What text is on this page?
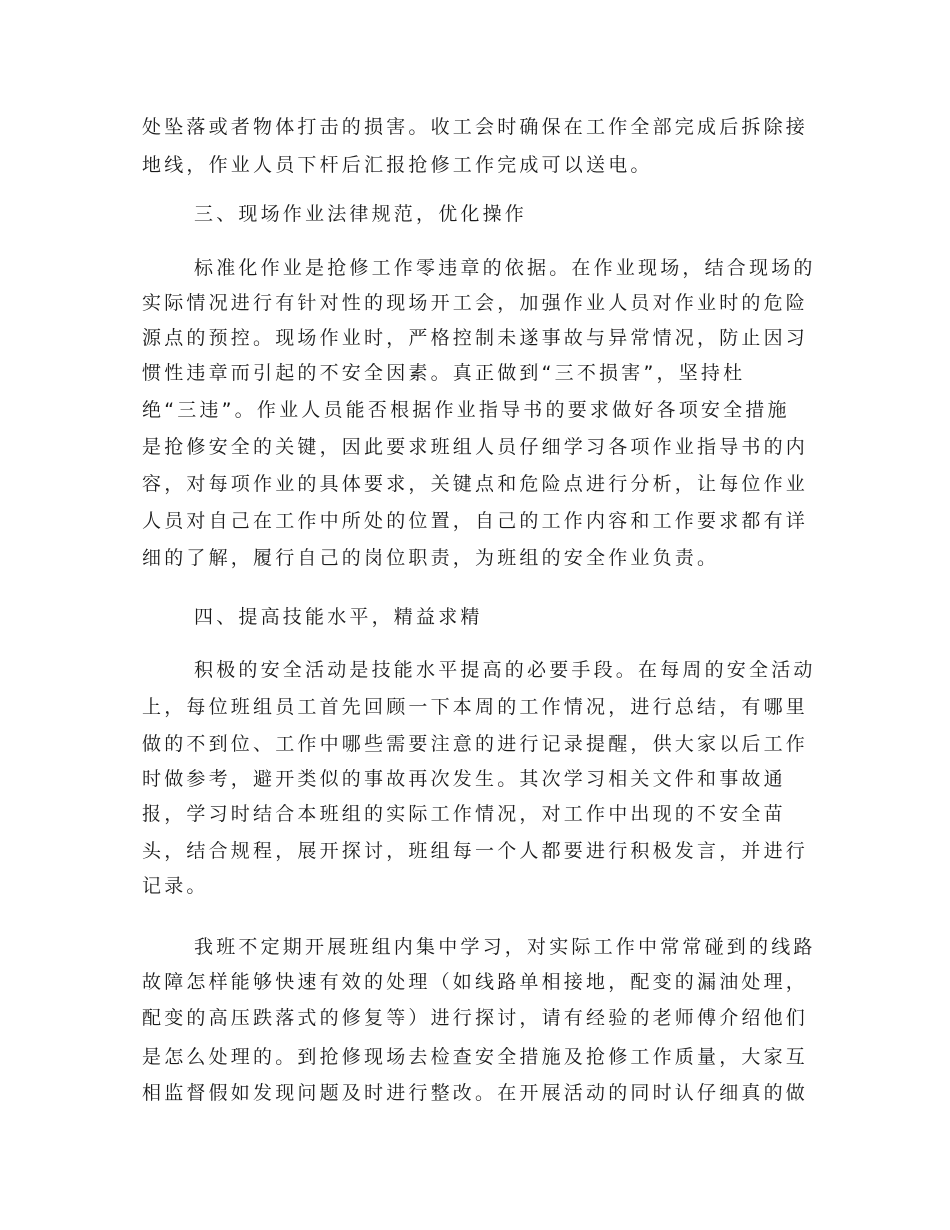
处坠落或者物体打击的损害。收工会时确保在工作全部完成后拆除接
地线，作业人员下杆后汇报抢修工作完成可以送电。
三、现场作业法律规范，优化操作
标准化作业是抢修工作零违章的依据。在作业现场，结合现场的
实际情况进行有针对性的现场开工会，加强作业人员对作业时的危险
源点的预控。现场作业时，严格控制未遂事故与异常情况，防止因习
惯性违章而引起的不安全因素。真正做到“三不损害”，坚持杜
绝“三违”。作业人员能否根据作业指导书的要求做好各项安全措施
是抢修安全的关键，因此要求班组人员仔细学习各项作业指导书的内
容，对每项作业的具体要求，关键点和危险点进行分析，让每位作业
人员对自己在工作中所处的位置，自己的工作内容和工作要求都有详
细的了解，履行自己的岗位职责，为班组的安全作业负责。
四、提高技能水平，精益求精
积极的安全活动是技能水平提高的必要手段。在每周的安全活动
上，每位班组员工首先回顾一下本周的工作情况，进行总结，有哪里
做的不到位、工作中哪些需要注意的进行记录提醒，供大家以后工作
时做参考，避开类似的事故再次发生。其次学习相关文件和事故通
报，学习时结合本班组的实际工作情况，对工作中出现的不安全苗
头，结合规程，展开探讨，班组每一个人都要进行积极发言，并进行
记录。
我班不定期开展班组内集中学习，对实际工作中常常碰到的线路
故障怎样能够快速有效的处理（如线路单相接地，配变的漏油处理，
配变的高压跌落式的修复等）进行探讨，请有经验的老师傅介绍他们
是怎么处理的。到抢修现场去检查安全措施及抢修工作质量，大家互
相监督假如发现问题及时进行整改。在开展活动的同时认仔细真的做
